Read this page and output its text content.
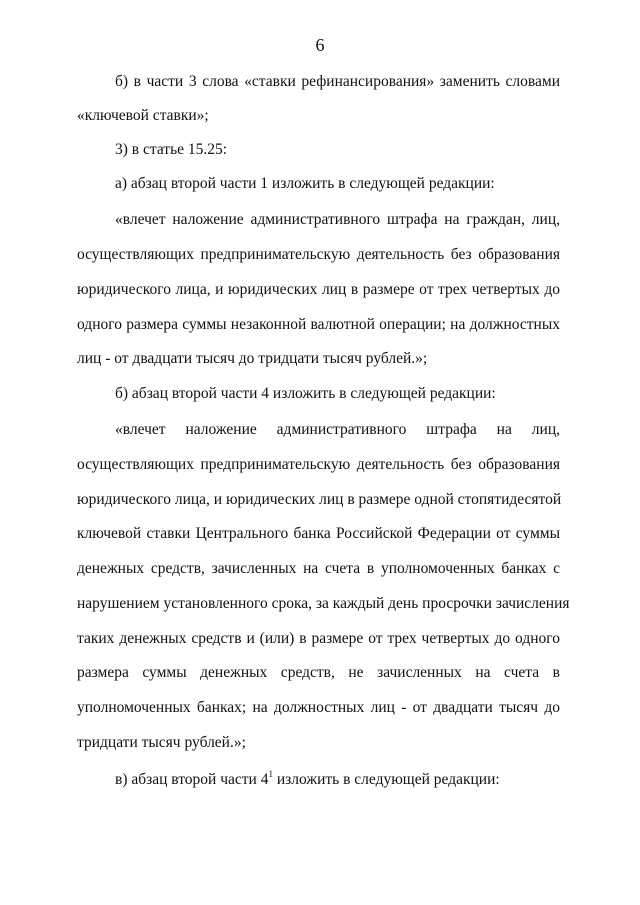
6
б) в части 3 слова «ставки рефинансирования» заменить словами
«ключевой ставки»;
3) в статье 15.25:
а) абзац второй части 1 изложить в следующей редакции:
«влечет наложение административного штрафа на граждан, лиц,
осуществляющих предпринимательскую деятельность без образования
юридического лица, и юридических лиц в размере от трех четвертых до
одного размера суммы незаконной валютной операции; на должностных
лиц - от двадцати тысяч до тридцати тысяч рублей.»;
б) абзац второй части 4 изложить в следующей редакции:
«влечет наложение административного штрафа на лиц,
осуществляющих предпринимательскую деятельность без образования
юридического лица, и юридических лиц в размере одной стопятидесятой
ключевой ставки Центрального банка Российской Федерации от суммы
денежных средств, зачисленных на счета в уполномоченных банках с
нарушением установленного срока, за каждый день просрочки зачисления
таких денежных средств и (или) в размере от трех четвертых до одного
размера суммы денежных средств, не зачисленных на счета в
уполномоченных банках; на должностных лиц - от двадцати тысяч до
тридцати тысяч рублей.»;
в) абзац второй части $4^1$ изложить в следующей редакции:
